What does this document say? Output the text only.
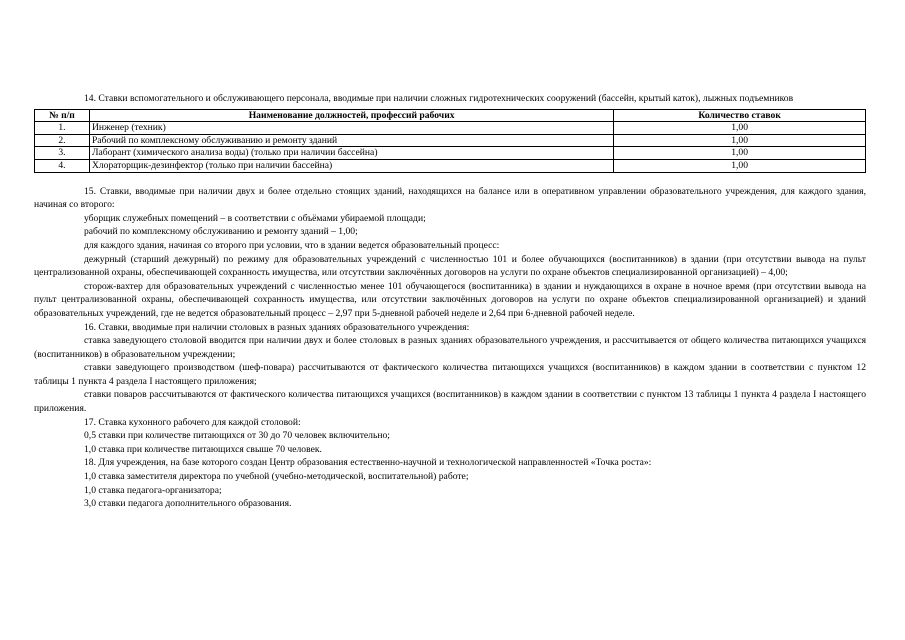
14. Ставки вспомогательного и обслуживающего персонала, вводимые при наличии сложных гидротехнических сооружений (бассейн, крытый каток), лыжных подъемников

№ п/п	Наименование должностей, профессий рабочих	Количество ставок
1.	Инженер (техник)	1,00
2.	Рабочий по комплексному обслуживанию и ремонту зданий	1,00
3.	Лаборант (химического анализа воды) (только при наличии бассейна)	1,00
4.	Хлораторщик-дезинфектор (только при наличии бассейна)	1,00

15. Ставки, вводимые при наличии двух и более отдельно стоящих зданий, находящихся на балансе или в оперативном управлении образовательного учреждения, для каждого здания, начиная со второго:

уборщик служебных помещений – в соответствии с объёмами убираемой площади;

рабочий по комплексному обслуживанию и ремонту зданий – 1,00;

для каждого здания, начиная со второго при условии, что в здании ведется образовательный процесс:

дежурный (старший дежурный) по режиму для образовательных учреждений с численностью 101 и более обучающихся (воспитанников) в здании (при отсутствии вывода на пульт централизованной охраны, обеспечивающей сохранность имущества, или отсутствии заключённых договоров на услуги по охране объектов специализированной организацией) – 4,00;

сторож-вахтер для образовательных учреждений с численностью менее 101 обучающегося (воспитанника) в здании и нуждающихся в охране в ночное время (при отсутствии вывода на пульт централизованной охраны, обеспечивающей сохранность имущества, или отсутствии заключённых договоров на услуги по охране объектов специализированной организацией) и зданий образовательных учреждений, где не ведется образовательный процесс – 2,97 при 5-дневной рабочей неделе и 2,64 при 6-дневной рабочей неделе.

16. Ставки, вводимые при наличии столовых в разных зданиях образовательного учреждения:

ставка заведующего столовой вводится при наличии двух и более столовых в разных зданиях образовательного учреждения, и рассчитывается от общего количества питающихся учащихся (воспитанников) в образовательном учреждении;

ставки заведующего производством (шеф-повара) рассчитываются от фактического количества питающихся учащихся (воспитанников) в каждом здании в соответствии с пунктом 12 таблицы 1 пункта 4 раздела I настоящего приложения;

ставки поваров рассчитываются от фактического количества питающихся учащихся (воспитанников) в каждом здании в соответствии с пунктом 13 таблицы 1 пункта 4 раздела I настоящего приложения.

17. Ставка кухонного рабочего для каждой столовой:

0,5 ставки при количестве питающихся от 30 до 70 человек включительно;

1,0 ставка при количестве питающихся свыше 70 человек.

18. Для учреждения, на базе которого создан Центр образования естественно-научной и технологической направленностей «Точка роста»:

1,0 ставка заместителя директора по учебной (учебно-методической, воспитательной) работе;

1,0 ставка педагога-организатора;

3,0 ставки педагога дополнительного образования.
